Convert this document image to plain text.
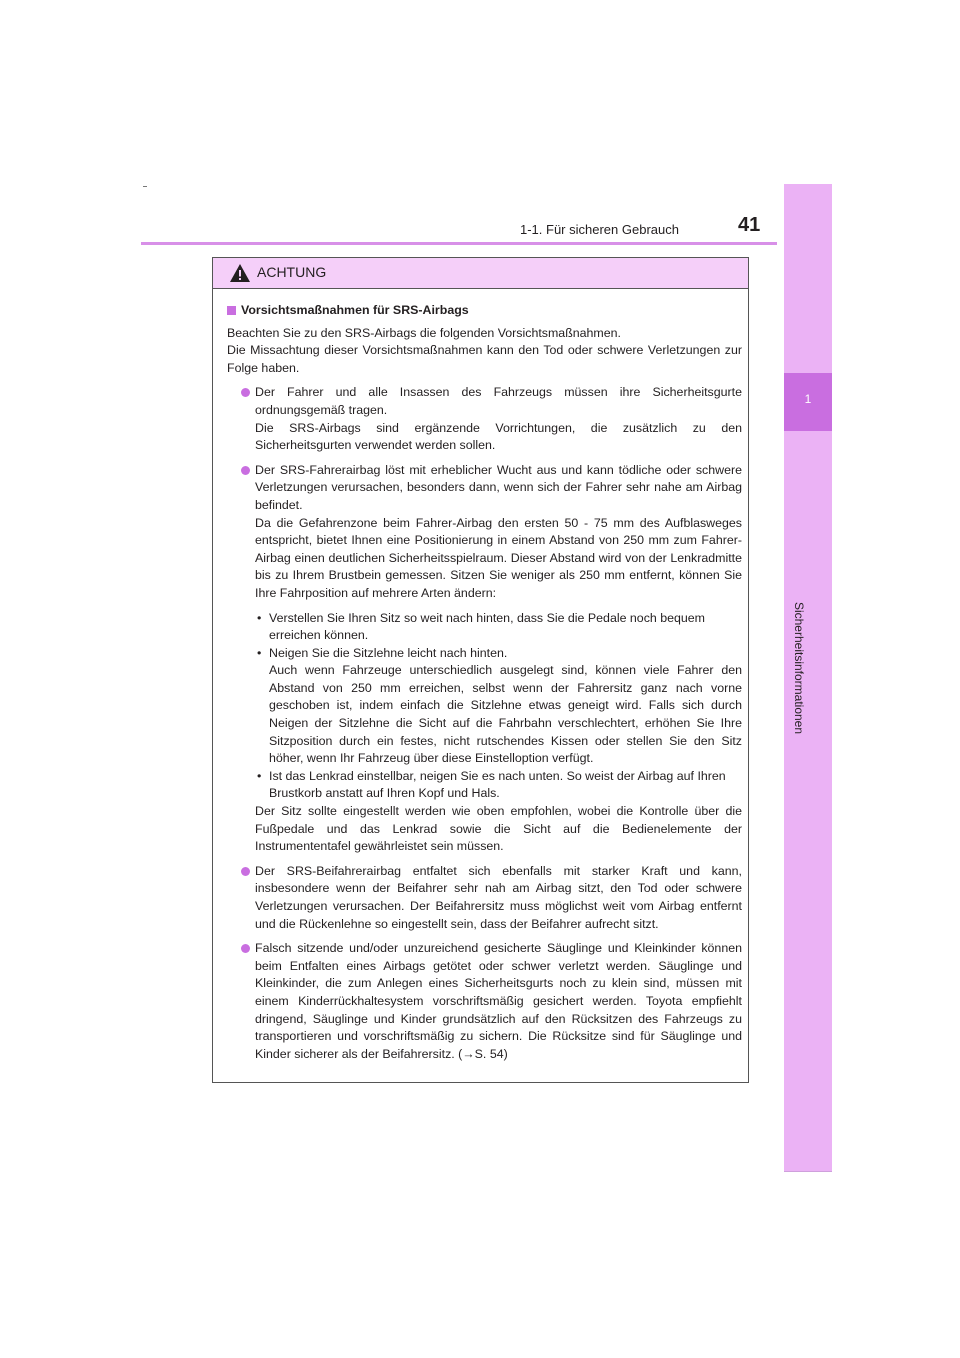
1-1. Für sicheren Gebrauch	41
1
Sicherheitsinformationen
ACHTUNG
Vorsichtsmaßnahmen für SRS-Airbags

Beachten Sie zu den SRS-Airbags die folgenden Vorsichtsmaßnahmen.

Die Missachtung dieser Vorsichtsmaßnahmen kann den Tod oder schwere Verletzungen zur Folge haben.

Der Fahrer und alle Insassen des Fahrzeugs müssen ihre Sicherheitsgurte ordnungsgemäß tragen.

Die SRS-Airbags sind ergänzende Vorrichtungen, die zusätzlich zu den Sicherheitsgurten verwendet werden sollen.

Der SRS-Fahrerairbag löst mit erheblicher Wucht aus und kann tödliche oder schwere Verletzungen verursachen, besonders dann, wenn sich der Fahrer sehr nahe am Airbag befindet.

Da die Gefahrenzone beim Fahrer-Airbag den ersten 50 - 75 mm des Aufblasweges entspricht, bietet Ihnen eine Positionierung in einem Abstand von 250 mm zum Fahrer-Airbag einen deutlichen Sicherheitsspielraum. Dieser Abstand wird von der Lenkradmitte bis zu Ihrem Brustbein gemessen. Sitzen Sie weniger als 250 mm entfernt, können Sie Ihre Fahrposition auf mehrere Arten ändern:

• Verstellen Sie Ihren Sitz so weit nach hinten, dass Sie die Pedale noch bequem erreichen können.
• Neigen Sie die Sitzlehne leicht nach hinten.
Auch wenn Fahrzeuge unterschiedlich ausgelegt sind, können viele Fahrer den Abstand von 250 mm erreichen, selbst wenn der Fahrersitz ganz nach vorne geschoben ist, indem einfach die Sitzlehne etwas geneigt wird. Falls sich durch Neigen der Sitzlehne die Sicht auf die Fahrbahn verschlechtert, erhöhen Sie Ihre Sitzposition durch ein festes, nicht rutschendes Kissen oder stellen Sie den Sitz höher, wenn Ihr Fahrzeug über diese Einstelloption verfügt.
• Ist das Lenkrad einstellbar, neigen Sie es nach unten. So weist der Airbag auf Ihren Brustkorb anstatt auf Ihren Kopf und Hals.

Der Sitz sollte eingestellt werden wie oben empfohlen, wobei die Kontrolle über die Fußpedale und das Lenkrad sowie die Sicht auf die Bedienelemente der Instrumententafel gewährleistet sein müssen.

Der SRS-Beifahrerairbag entfaltet sich ebenfalls mit starker Kraft und kann, insbesondere wenn der Beifahrer sehr nah am Airbag sitzt, den Tod oder schwere Verletzungen verursachen. Der Beifahrersitz muss möglichst weit vom Airbag entfernt und die Rückenlehne so eingestellt sein, dass der Beifahrer aufrecht sitzt.

Falsch sitzende und/oder unzureichend gesicherte Säuglinge und Kleinkinder können beim Entfalten eines Airbags getötet oder schwer verletzt werden. Säuglinge und Kleinkinder, die zum Anlegen eines Sicherheitsgurts noch zu klein sind, müssen mit einem Kinderrückhaltesystem vorschriftsmäßig gesichert werden. Toyota empfiehlt dringend, Säuglinge und Kinder grundsätzlich auf den Rücksitzen des Fahrzeugs zu transportieren und vorschriftsmäßig zu sichern. Die Rücksitze sind für Säuglinge und Kinder sicherer als der Beifahrersitz. (→S. 54)
